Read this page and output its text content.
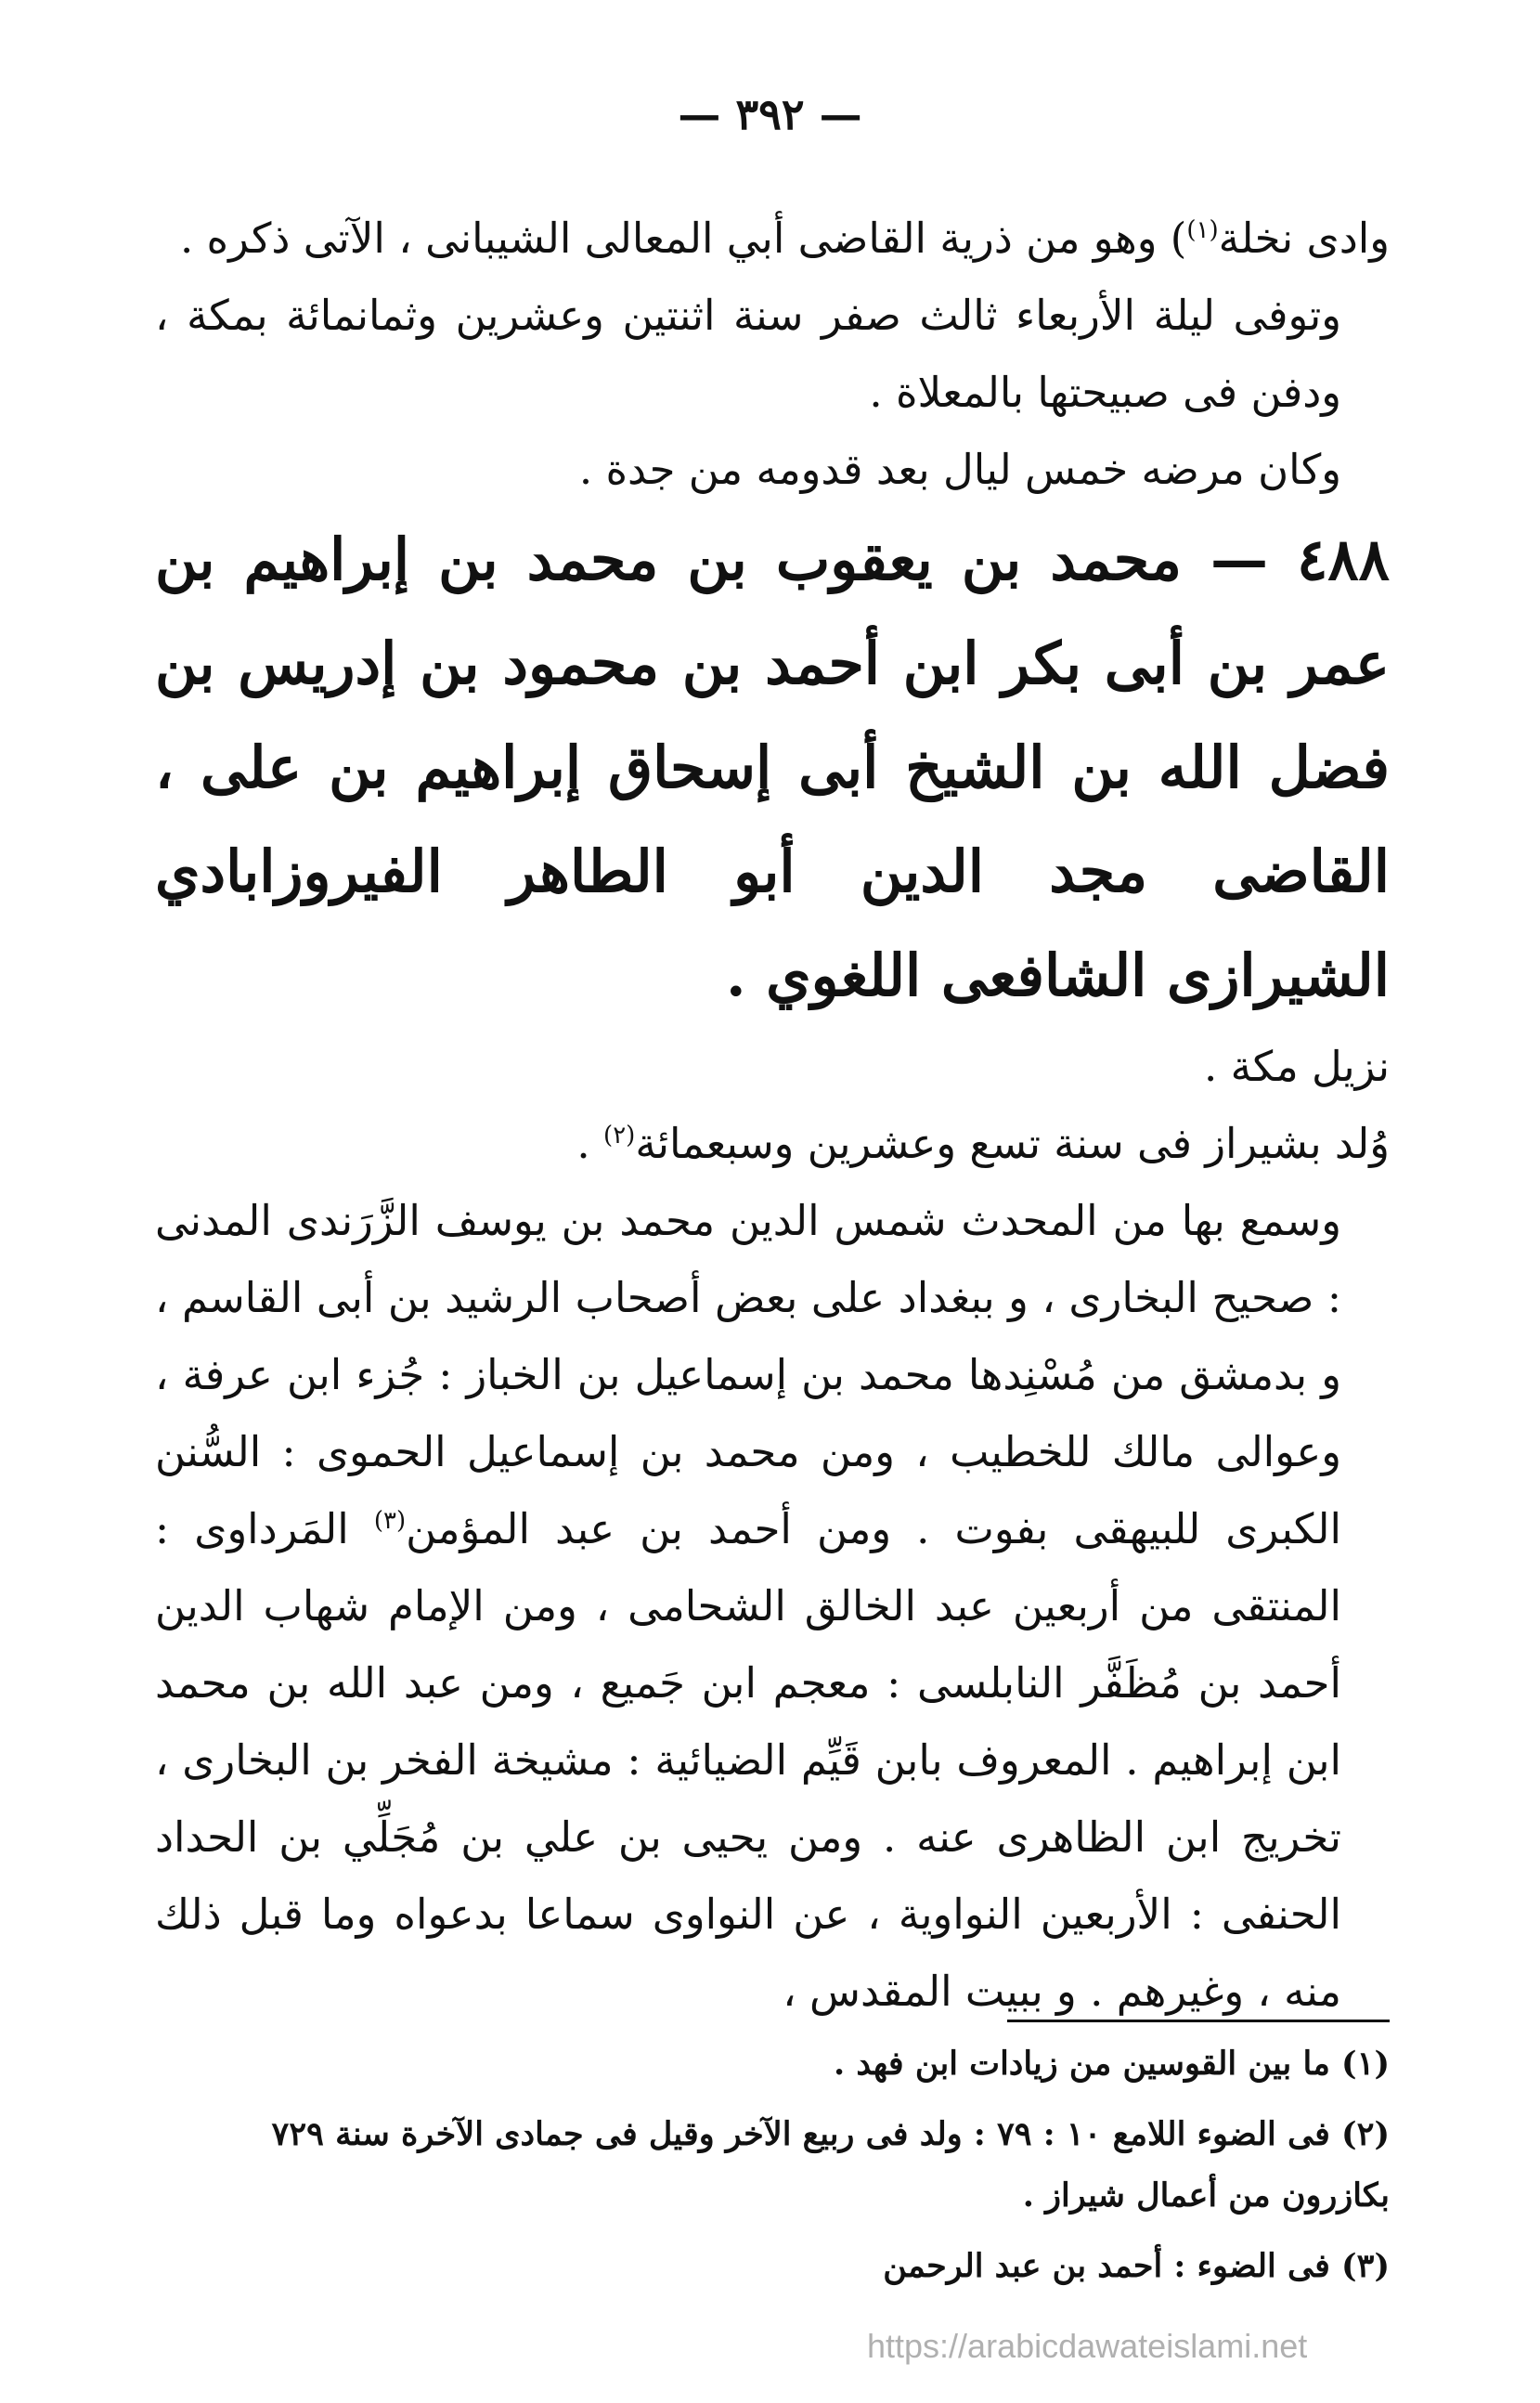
— ٣٩٢ —

وادى نخلة$^{(١)}$) وهو من ذرية القاضى أبي المعالى الشيبانى ، الآتى ذكره .

وتوفى ليلة الأربعاء ثالث صفر سنة اثنتين وعشرين وثمانمائة بمكة ، ودفن فى صبيحتها بالمعلاة .

وكان مرضه خمس ليال بعد قدومه من جدة .

٤٨٨ — محمد بن يعقوب بن محمد بن إبراهيم بن عمر بن أبى بكر ابن أحمد بن محمود بن إدريس بن فضل الله بن الشيخ أبى إسحاق إبراهيم بن على ، القاضى مجد الدين أبو الطاهر الفيروزابادي الشيرازى الشافعى اللغوي .

نزيل مكة .

وُلد بشيراز فى سنة تسع وعشرين وسبعمائة$^{(٢)}$ .

وسمع بها من المحدث شمس الدين محمد بن يوسف الزَّرَندى المدنى : صحيح البخارى ، و ببغداد على بعض أصحاب الرشيد بن أبى القاسم ، و بدمشق من مُسْنِدها محمد بن إسماعيل بن الخباز : جُزء ابن عرفة ، وعوالى مالك للخطيب ، ومن محمد بن إسماعيل الحموى : السُّنن الكبرى للبيهقى بفوت . ومن أحمد بن عبد المؤمن$^{(٣)}$ المَرداوى : المنتقى من أربعين عبد الخالق الشحامى ، ومن الإمام شهاب الدين أحمد بن مُظَفَّر النابلسى : معجم ابن جَميع ، ومن عبد الله بن محمد ابن إبراهيم . المعروف بابن قَيِّم الضيائية : مشيخة الفخر بن البخارى ، تخريج ابن الظاهرى عنه . ومن يحيى بن علي بن مُجَلِّي بن الحداد الحنفى : الأربعين النواوية ، عن النواوى سماعا بدعواه وما قبل ذلك منه ، وغيرهم . و ببيت المقدس ،

(١) ما بين القوسين من زيادات ابن فهد .

(٢) فى الضوء اللامع ١٠ : ٧٩ : ولد فى ربيع الآخر وقيل فى جمادى الآخرة سنة ٧٢٩ بكازرون من أعمال شيراز .

(٣) فى الضوء : أحمد بن عبد الرحمن

https://arabicdawateislami.net
